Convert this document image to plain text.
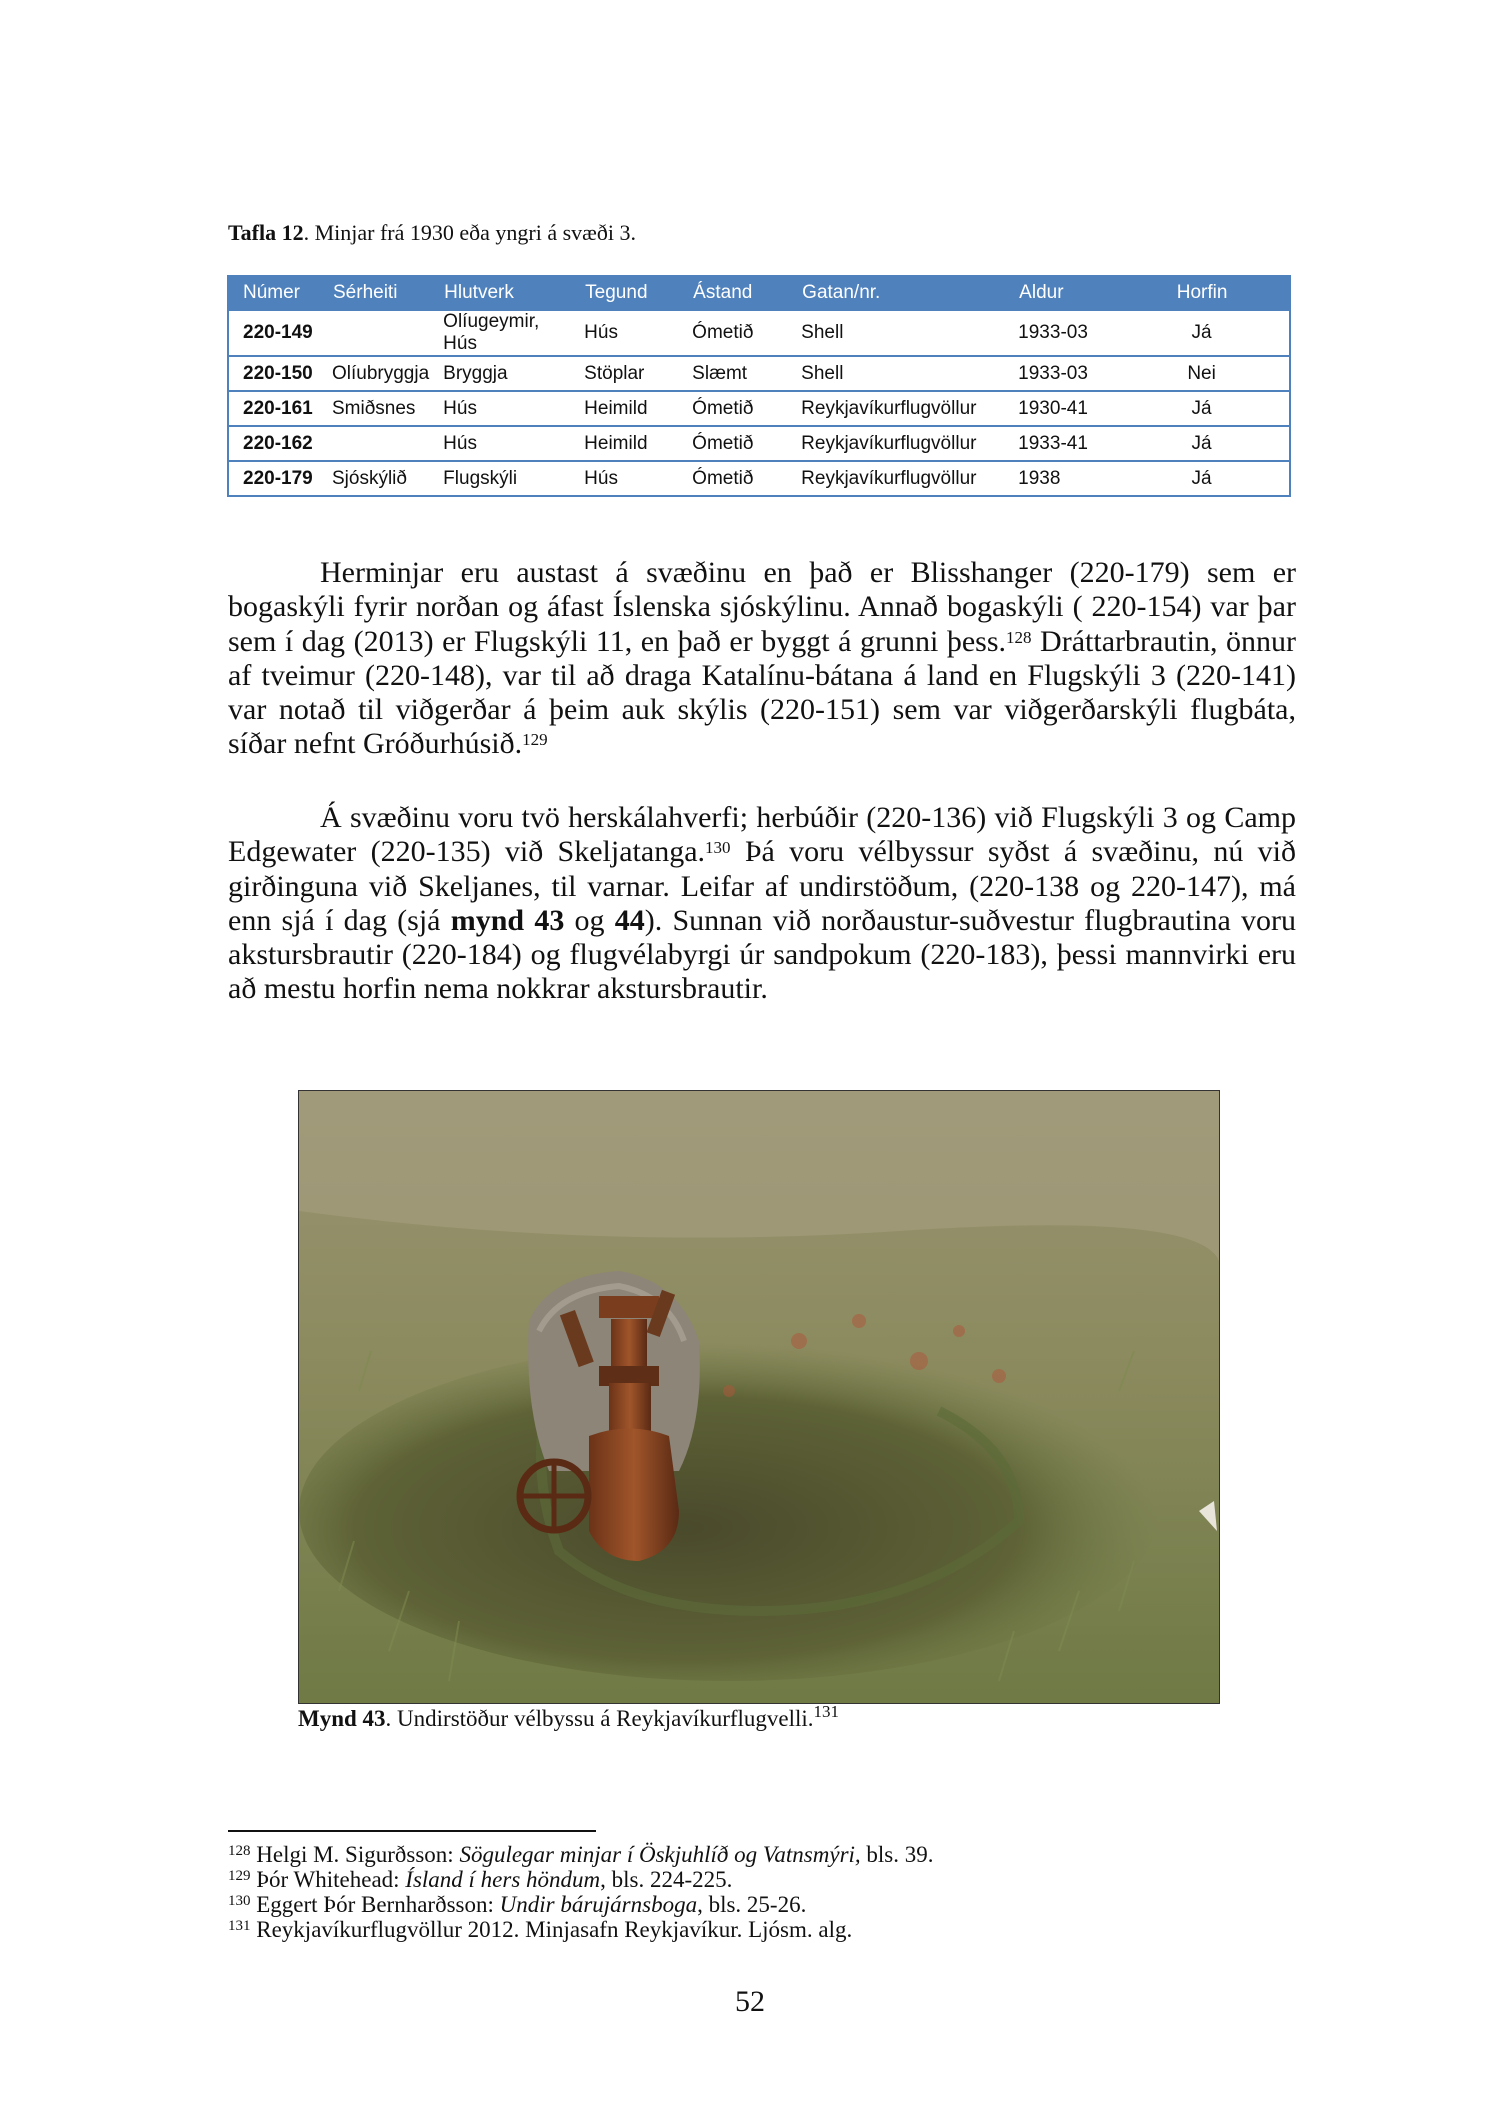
Tafla 12. Minjar frá 1930 eða yngri á svæði 3.
Númer	Sérheiti	Hlutverk	Tegund	Ástand	Gatan/nr.	Aldur	Horfin
220-149		Olíugeymir, Hús	Hús	Ómetið	Shell	1933-03	Já
220-150	Olíubryggja	Bryggja	Stöplar	Slæmt	Shell	1933-03	Nei
220-161	Smiðsnes	Hús	Heimild	Ómetið	Reykjavíkurflugvöllur	1930-41	Já
220-162		Hús	Heimild	Ómetið	Reykjavíkurflugvöllur	1933-41	Já
220-179	Sjóskýlið	Flugskýli	Hús	Ómetið	Reykjavíkurflugvöllur	1938	Já
Herminjar eru austast á svæðinu en það er Blisshanger (220-179) sem er bogaskýli fyrir norðan og áfast Íslenska sjóskýlinu. Annað bogaskýli ( 220-154) var þar sem í dag (2013) er Flugskýli 11, en það er byggt á grunni þess.$^{128}$ Dráttarbrautin, önnur af tveimur (220-148), var til að draga Katalínu-bátana á land en Flugskýli 3 (220-141) var notað til viðgerðar á þeim auk skýlis (220-151) sem var viðgerðarskýli flugbáta, síðar nefnt Gróðurhúsið.$^{129}$
Á svæðinu voru tvö herskálahverfi; herbúðir (220-136) við Flugskýli 3 og Camp Edgewater (220-135) við Skeljatanga.$^{130}$ Þá voru vélbyssur syðst á svæðinu, nú við girðinguna við Skeljanes, til varnar. Leifar af undirstöðum, (220-138 og 220-147), má enn sjá í dag (sjá mynd 43 og 44). Sunnan við norðaustur-suðvestur flugbrautina voru akstursbrautir (220-184) og flugvélabyrgi úr sandpokum (220-183), þessi mannvirki eru að mestu horfin nema nokkrar akstursbrautir.
Mynd 43. Undirstöður vélbyssu á Reykjavíkurflugvelli.$^{131}$
$^{128}$ Helgi M. Sigurðsson: Sögulegar minjar í Öskjuhlíð og Vatnsmýri, bls. 39.
$^{129}$ Þór Whitehead: Ísland í hers höndum, bls. 224-225.
$^{130}$ Eggert Þór Bernharðsson: Undir bárujárnsboga, bls. 25-26.
$^{131}$ Reykjavíkurflugvöllur 2012. Minjasafn Reykjavíkur. Ljósm. alg.
52
